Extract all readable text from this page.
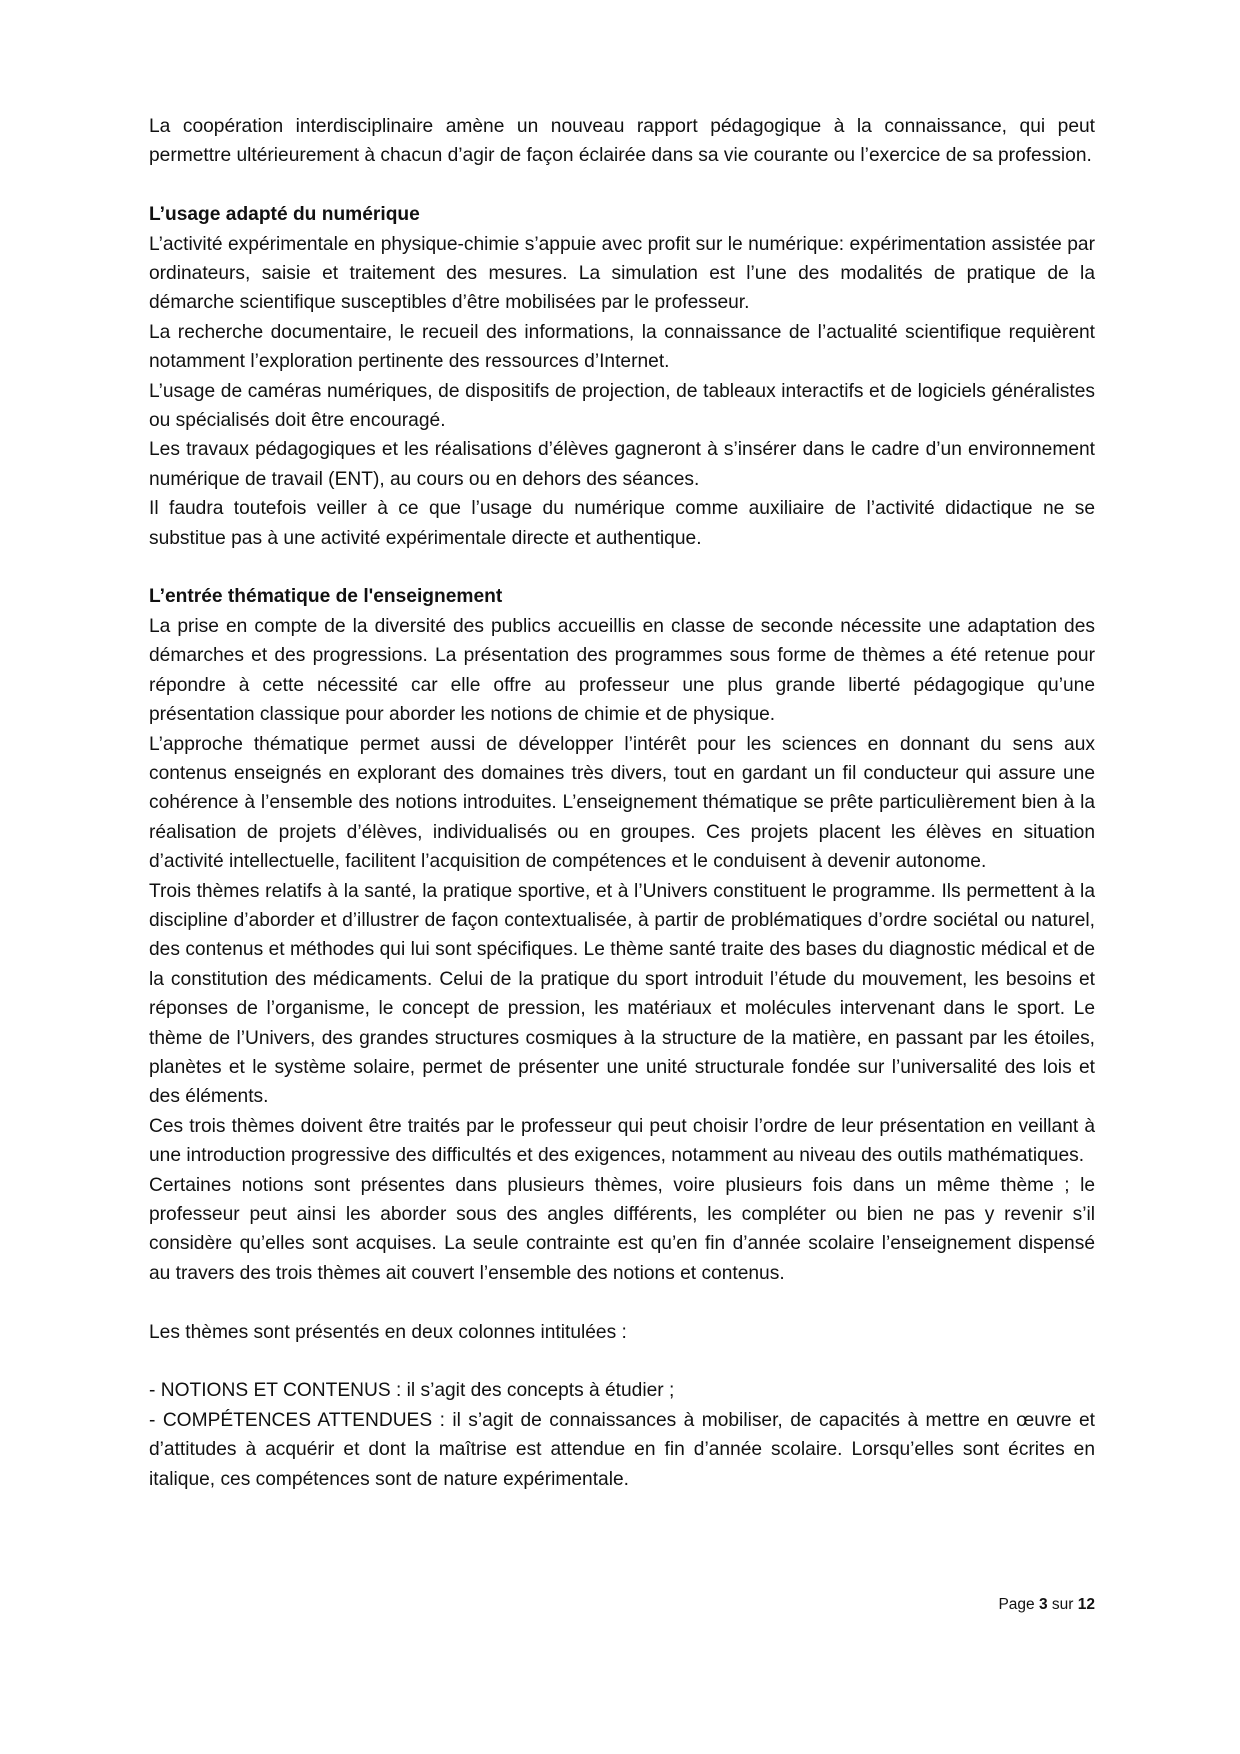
La coopération interdisciplinaire amène un nouveau rapport pédagogique à la connaissance, qui peut permettre ultérieurement à chacun d’agir de façon éclairée dans sa vie courante ou l’exercice de sa profession.

L’usage adapté du numérique

L’activité expérimentale en physique-chimie s’appuie avec profit sur le numérique: expérimentation assistée par ordinateurs, saisie et traitement des mesures. La simulation est l’une des modalités de pratique de la démarche scientifique susceptibles d’être mobilisées par le professeur.

La recherche documentaire, le recueil des informations, la connaissance de l’actualité scientifique requièrent notamment l’exploration pertinente des ressources d’Internet.

L’usage de caméras numériques, de dispositifs de projection, de tableaux interactifs et de logiciels généralistes ou spécialisés doit être encouragé.

Les travaux pédagogiques et les réalisations d’élèves gagneront à s’insérer dans le cadre d’un environnement numérique de travail (ENT), au cours ou en dehors des séances.

Il faudra toutefois veiller à ce que l’usage du numérique comme auxiliaire de l’activité didactique ne se substitue pas à une activité expérimentale directe et authentique.

L’entrée thématique de l'enseignement

La prise en compte de la diversité des publics accueillis en classe de seconde nécessite une adaptation des démarches et des progressions. La présentation des programmes sous forme de thèmes a été retenue pour répondre à cette nécessité car elle offre au professeur une plus grande liberté pédagogique qu’une présentation classique pour aborder les notions de chimie et de physique.

L’approche thématique permet aussi de développer l’intérêt pour les sciences en donnant du sens aux contenus enseignés en explorant des domaines très divers, tout en gardant un fil conducteur qui assure une cohérence à l’ensemble des notions introduites. L’enseignement thématique se prête particulièrement bien à la réalisation de projets d’élèves, individualisés ou en groupes. Ces projets placent les élèves en situation d’activité intellectuelle, facilitent l’acquisition de compétences et le conduisent à devenir autonome.

Trois thèmes relatifs à la santé, la pratique sportive, et à l’Univers constituent le programme. Ils permettent à la discipline d’aborder et d’illustrer de façon contextualisée, à partir de problématiques d’ordre sociétal ou naturel, des contenus et méthodes qui lui sont spécifiques. Le thème santé traite des bases du diagnostic médical et de la constitution des médicaments. Celui de la pratique du sport introduit l’étude du mouvement, les besoins et réponses de l’organisme, le concept de pression, les matériaux et molécules intervenant dans le sport. Le thème de l’Univers, des grandes structures cosmiques à la structure de la matière, en passant par les étoiles, planètes et le système solaire, permet de présenter une unité structurale fondée sur l’universalité des lois et des éléments.

Ces trois thèmes doivent être traités par le professeur qui peut choisir l’ordre de leur présentation en veillant à une introduction progressive des difficultés et des exigences, notamment au niveau des outils mathématiques.

Certaines notions sont présentes dans plusieurs thèmes, voire plusieurs fois dans un même thème ; le professeur peut ainsi les aborder sous des angles différents, les compléter ou bien ne pas y revenir s’il considère qu’elles sont acquises. La seule contrainte est qu’en fin d’année scolaire l’enseignement dispensé au travers des trois thèmes ait couvert l’ensemble des notions et contenus.

Les thèmes sont présentés en deux colonnes intitulées :

- NOTIONS ET CONTENUS : il s’agit des concepts à étudier ;

- COMPÉTENCES ATTENDUES : il s’agit de connaissances à mobiliser, de capacités à mettre en œuvre et d’attitudes à acquérir et dont la maîtrise est attendue en fin d’année scolaire. Lorsqu’elles sont écrites en italique, ces compétences sont de nature expérimentale.

Page 3 sur 12
